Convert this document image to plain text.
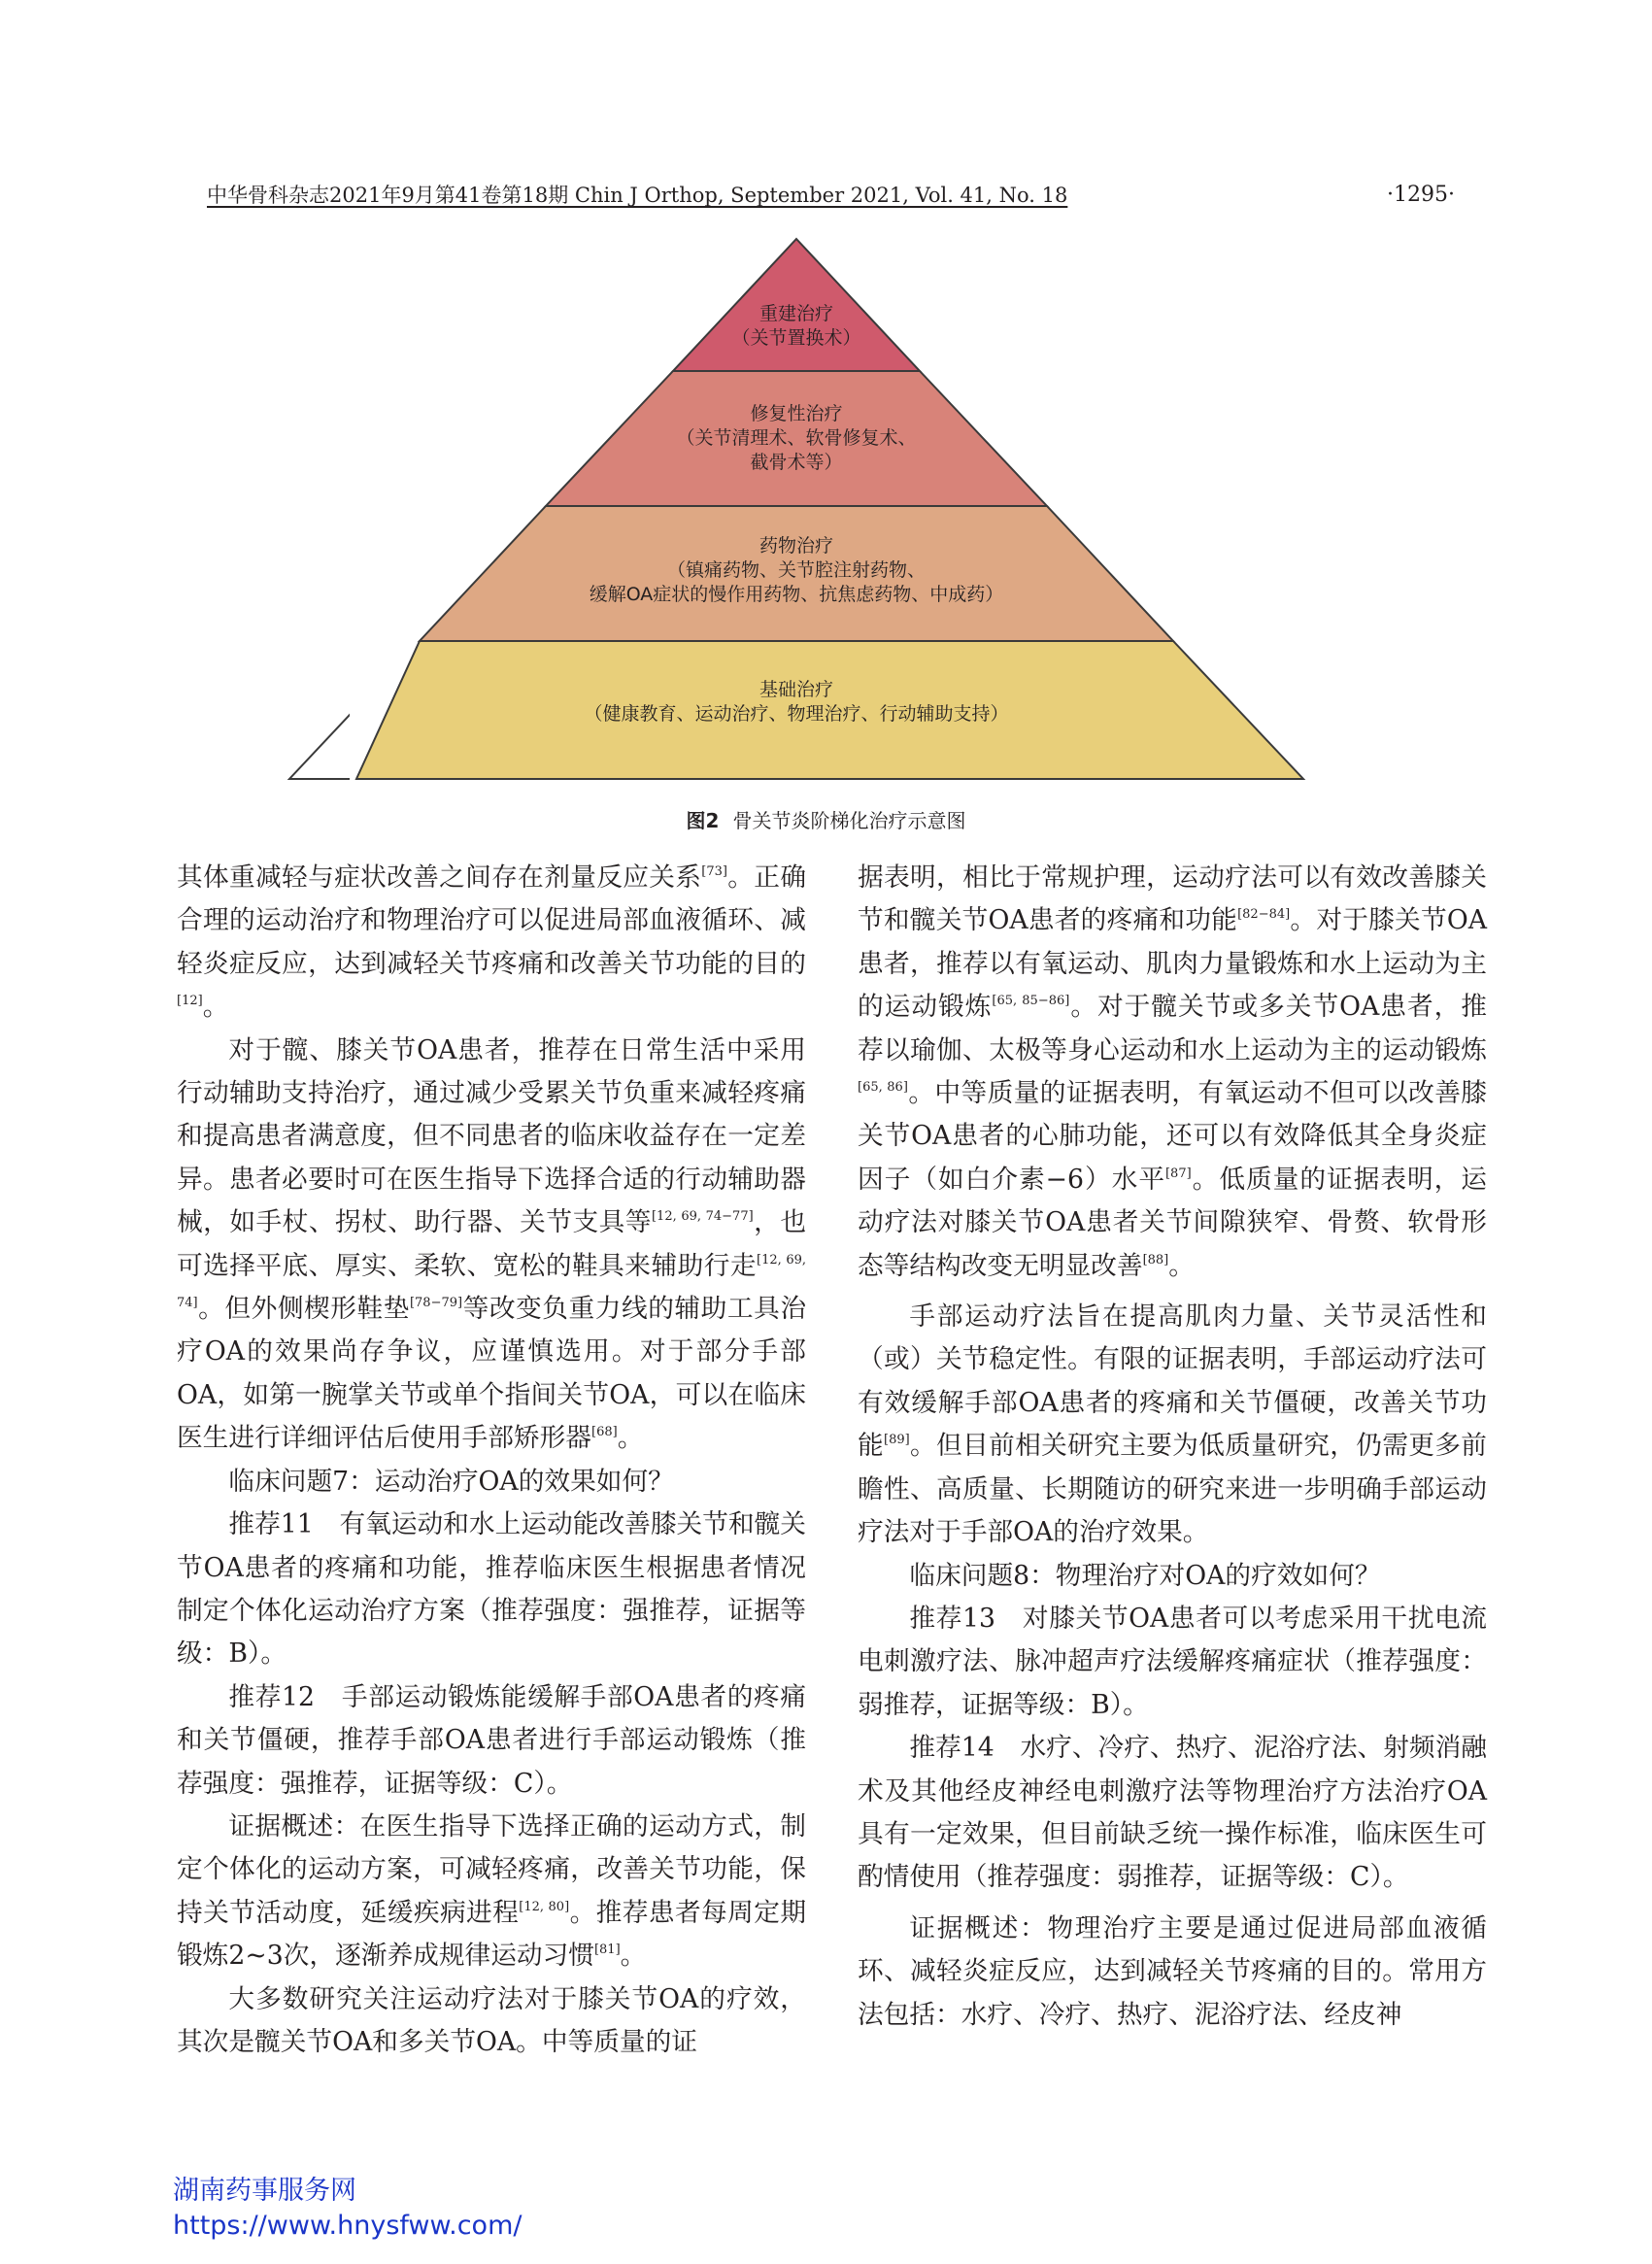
中华骨科杂志2021年9月第41卷第18期 Chin J Orthop, September 2021, Vol. 41, No. 18	·1295·
重建治疗
（关节置换术）
修复性治疗
（关节清理术、软骨修复术、
截骨术等）
药物治疗
（镇痛药物、关节腔注射药物、
缓解OA症状的慢作用药物、抗焦虑药物、中成药）
基础治疗
（健康教育、运动治疗、物理治疗、行动辅助支持）
图2 骨关节炎阶梯化治疗示意图

其体重减轻与症状改善之间存在剂量反应关系[73]。正确合理的运动治疗和物理治疗可以促进局部血液循环、减轻炎症反应，达到减轻关节疼痛和改善关节功能的目的[12]。

对于髋、膝关节OA患者，推荐在日常生活中采用行动辅助支持治疗，通过减少受累关节负重来减轻疼痛和提高患者满意度，但不同患者的临床收益存在一定差异。患者必要时可在医生指导下选择合适的行动辅助器械，如手杖、拐杖、助行器、关节支具等[12, 69, 74−77]，也可选择平底、厚实、柔软、宽松的鞋具来辅助行走[12, 69, 74]。但外侧楔形鞋垫[78−79]等改变负重力线的辅助工具治疗OA的效果尚存争议，应谨慎选用。对于部分手部OA，如第一腕掌关节或单个指间关节OA，可以在临床医生进行详细评估后使用手部矫形器[68]。

临床问题7：运动治疗OA的效果如何？

推荐11　有氧运动和水上运动能改善膝关节和髋关节OA患者的疼痛和功能，推荐临床医生根据患者情况制定个体化运动治疗方案（推荐强度：强推荐，证据等级：B）。

推荐12　手部运动锻炼能缓解手部OA患者的疼痛和关节僵硬，推荐手部OA患者进行手部运动锻炼（推荐强度：强推荐，证据等级：C）。

证据概述：在医生指导下选择正确的运动方式，制定个体化的运动方案，可减轻疼痛，改善关节功能，保持关节活动度，延缓疾病进程[12, 80]。推荐患者每周定期锻炼2~3次，逐渐养成规律运动习惯[81]。

大多数研究关注运动疗法对于膝关节OA的疗效，其次是髋关节OA和多关节OA。中等质量的证

据表明，相比于常规护理，运动疗法可以有效改善膝关节和髋关节OA患者的疼痛和功能[82−84]。对于膝关节OA患者，推荐以有氧运动、肌肉力量锻炼和水上运动为主的运动锻炼[65, 85−86]。对于髋关节或多关节OA患者，推荐以瑜伽、太极等身心运动和水上运动为主的运动锻炼[65, 86]。中等质量的证据表明，有氧运动不但可以改善膝关节OA患者的心肺功能，还可以有效降低其全身炎症因子（如白介素−6）水平[87]。低质量的证据表明，运动疗法对膝关节OA患者关节间隙狭窄、骨赘、软骨形态等结构改变无明显改善[88]。

手部运动疗法旨在提高肌肉力量、关节灵活性和（或）关节稳定性。有限的证据表明，手部运动疗法可有效缓解手部OA患者的疼痛和关节僵硬，改善关节功能[89]。但目前相关研究主要为低质量研究，仍需更多前瞻性、高质量、长期随访的研究来进一步明确手部运动疗法对于手部OA的治疗效果。

临床问题8：物理治疗对OA的疗效如何？

推荐13　对膝关节OA患者可以考虑采用干扰电流电刺激疗法、脉冲超声疗法缓解疼痛症状（推荐强度：弱推荐，证据等级：B）。

推荐14　水疗、冷疗、热疗、泥浴疗法、射频消融术及其他经皮神经电刺激疗法等物理治疗方法治疗OA具有一定效果，但目前缺乏统一操作标准，临床医生可酌情使用（推荐强度：弱推荐，证据等级：C）。

证据概述：物理治疗主要是通过促进局部血液循环、减轻炎症反应，达到减轻关节疼痛的目的。常用方法包括：水疗、冷疗、热疗、泥浴疗法、经皮神

湖南药事服务网
https://www.hnysfww.com/
